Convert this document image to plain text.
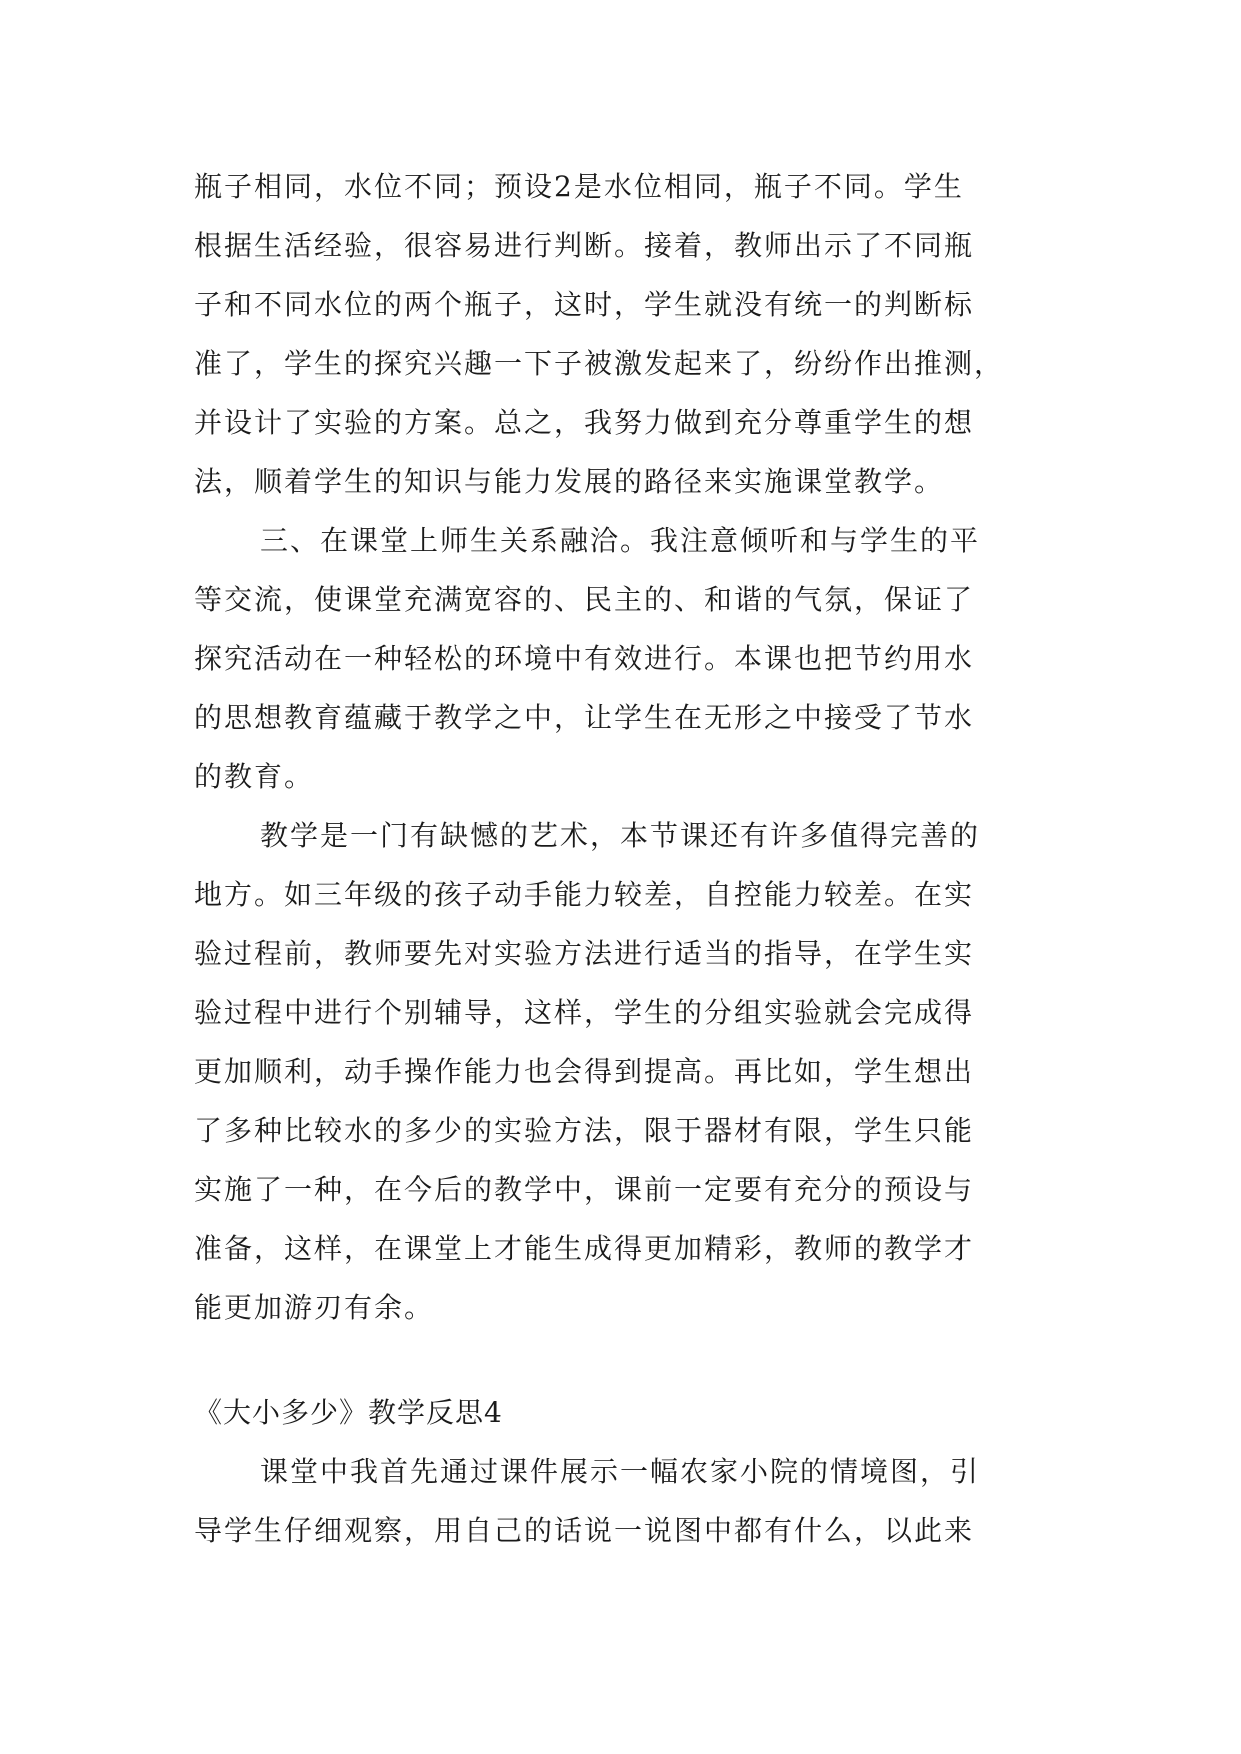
瓶子相同，水位不同；预设2是水位相同，瓶子不同。学生
根据生活经验，很容易进行判断。接着，教师出示了不同瓶
子和不同水位的两个瓶子，这时，学生就没有统一的判断标
准了，学生的探究兴趣一下子被激发起来了，纷纷作出推测，
并设计了实验的方案。总之，我努力做到充分尊重学生的想
法，顺着学生的知识与能力发展的路径来实施课堂教学。

三、在课堂上师生关系融洽。我注意倾听和与学生的平
等交流，使课堂充满宽容的、民主的、和谐的气氛，保证了
探究活动在一种轻松的环境中有效进行。本课也把节约用水
的思想教育蕴藏于教学之中，让学生在无形之中接受了节水
的教育。

教学是一门有缺憾的艺术，本节课还有许多值得完善的
地方。如三年级的孩子动手能力较差，自控能力较差。在实
验过程前，教师要先对实验方法进行适当的指导，在学生实
验过程中进行个别辅导，这样，学生的分组实验就会完成得
更加顺利，动手操作能力也会得到提高。再比如，学生想出
了多种比较水的多少的实验方法，限于器材有限，学生只能
实施了一种，在今后的教学中，课前一定要有充分的预设与
准备，这样，在课堂上才能生成得更加精彩，教师的教学才
能更加游刃有余。

《大小多少》教学反思4

课堂中我首先通过课件展示一幅农家小院的情境图，引
导学生仔细观察，用自己的话说一说图中都有什么，以此来
